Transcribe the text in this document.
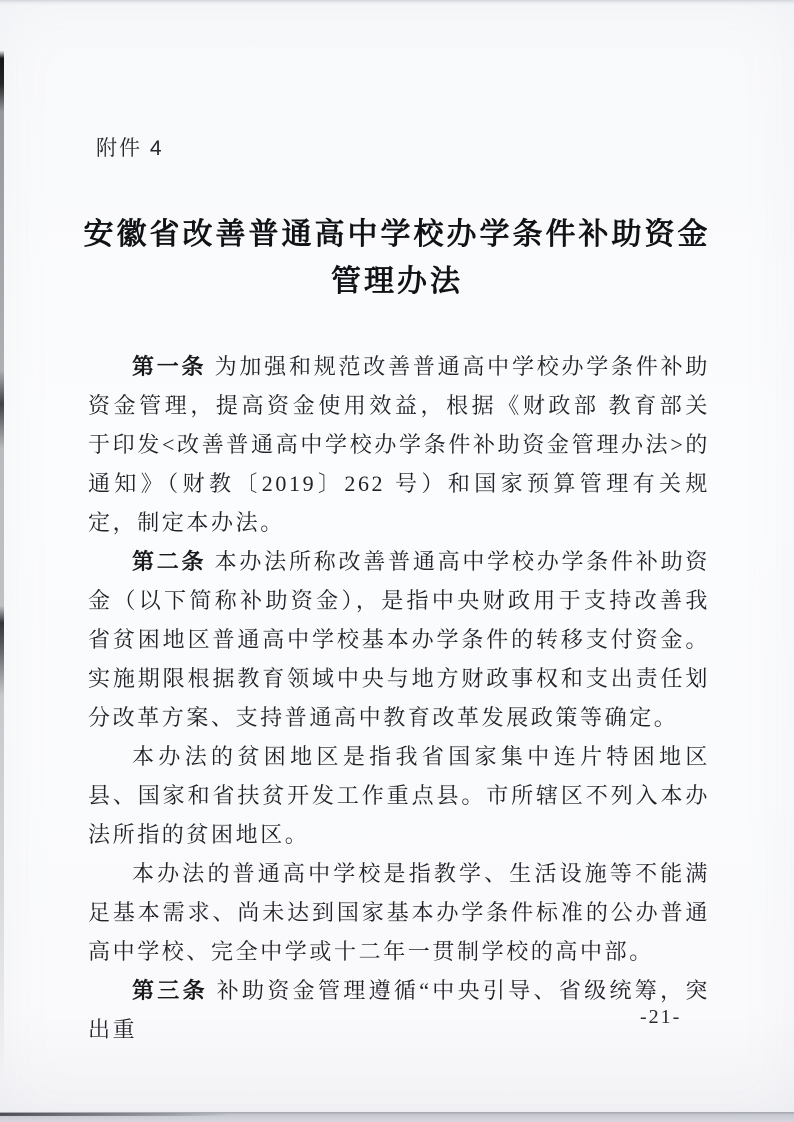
附件 4
安徽省改善普通高中学校办学条件补助资金
管理办法

第一条 为加强和规范改善普通高中学校办学条件补助资金管理，提高资金使用效益，根据《财政部 教育部关于印发<改善普通高中学校办学条件补助资金管理办法>的通知》（财教〔2019〕262 号）和国家预算管理有关规定，制定本办法。

第二条 本办法所称改善普通高中学校办学条件补助资金（以下简称补助资金），是指中央财政用于支持改善我省贫困地区普通高中学校基本办学条件的转移支付资金。实施期限根据教育领域中央与地方财政事权和支出责任划分改革方案、支持普通高中教育改革发展政策等确定。

本办法的贫困地区是指我省国家集中连片特困地区县、国家和省扶贫开发工作重点县。市所辖区不列入本办法所指的贫困地区。

本办法的普通高中学校是指教学、生活设施等不能满足基本需求、尚未达到国家基本办学条件标准的公办普通高中学校、完全中学或十二年一贯制学校的高中部。

第三条 补助资金管理遵循“中央引导、省级统筹，突出重	-21-
